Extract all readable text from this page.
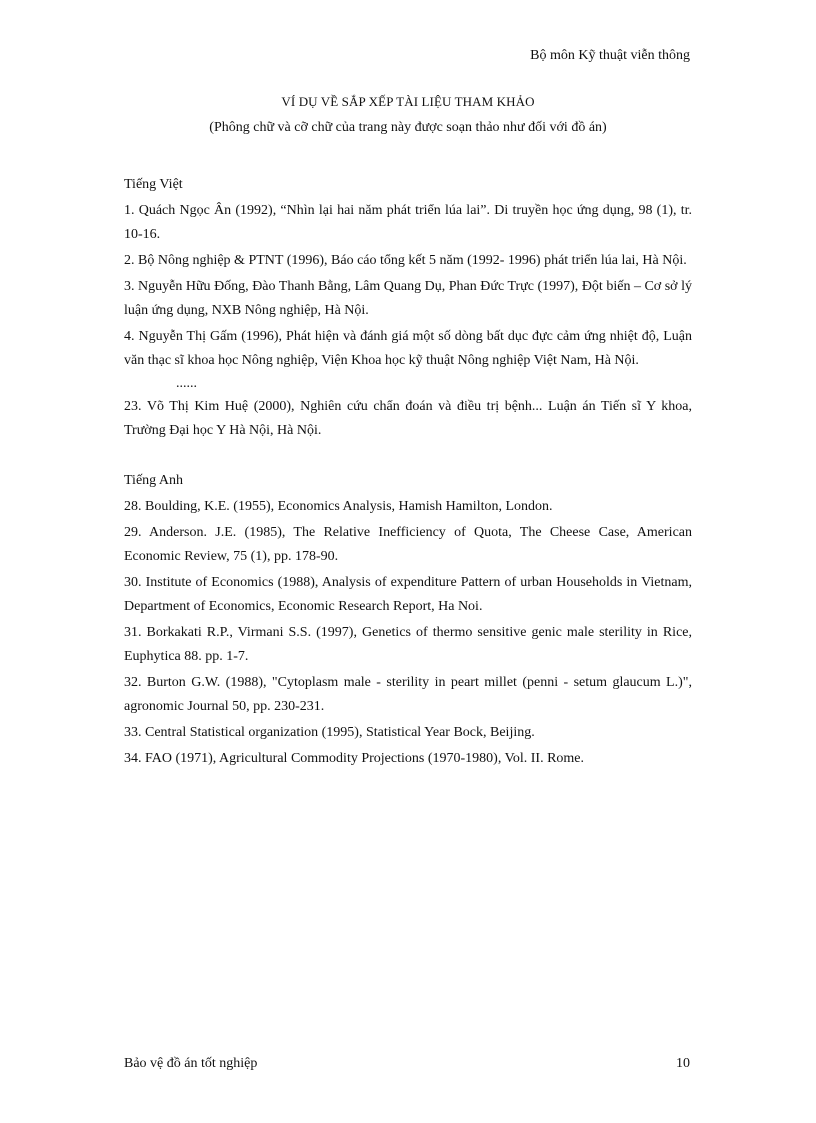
Bộ môn Kỹ thuật viễn thông
VÍ DỤ VỀ SẮP XẾP TÀI LIỆU THAM KHẢO
(Phông chữ và cỡ chữ của trang này được soạn thảo như đối với đồ án)
Tiếng Việt
1. Quách Ngọc Ân (1992), “Nhìn lại hai năm phát triển lúa lai”. Di truyền học ứng dụng, 98 (1), tr. 10-16.
2. Bộ Nông nghiệp & PTNT (1996), Báo cáo tổng kết 5 năm (1992- 1996) phát triển lúa lai, Hà Nội.
3. Nguyễn Hữu Đống, Đào Thanh Bằng, Lâm Quang Dụ, Phan Đức Trực (1997), Đột biến – Cơ sở lý luận ứng dụng, NXB Nông nghiệp, Hà Nội.
4. Nguyễn Thị Gấm (1996), Phát hiện và đánh giá một số dòng bất dục đực cảm ứng nhiệt độ, Luận văn thạc sĩ khoa học Nông nghiệp, Viện Khoa học kỹ thuật Nông nghiệp Việt Nam, Hà Nội.
......
23. Võ Thị Kim Huệ (2000), Nghiên cứu chẩn đoán và điều trị bệnh... Luận án Tiến sĩ Y khoa, Trường Đại học Y Hà Nội, Hà Nội.
Tiếng Anh
28. Boulding, K.E. (1955), Economics Analysis, Hamish Hamilton, London.
29. Anderson. J.E. (1985), The Relative Inefficiency of Quota, The Cheese Case, American Economic Review, 75 (1), pp. 178-90.
30. Institute of Economics (1988), Analysis of expenditure Pattern of urban Households in Vietnam, Department of Economics, Economic Research Report, Ha Noi.
31. Borkakati R.P., Virmani S.S. (1997), Genetics of thermo sensitive genic male sterility in Rice, Euphytica 88. pp. 1-7.
32. Burton G.W. (1988), "Cytoplasm male - sterility in peart millet (penni - setum glaucum L.)", agronomic Journal 50, pp. 230-231.
33. Central Statistical organization (1995), Statistical Year Bock, Beijing.
34. FAO (1971), Agricultural Commodity Projections (1970-1980), Vol. II. Rome.
Bảo vệ đồ án tốt nghiệp	10
